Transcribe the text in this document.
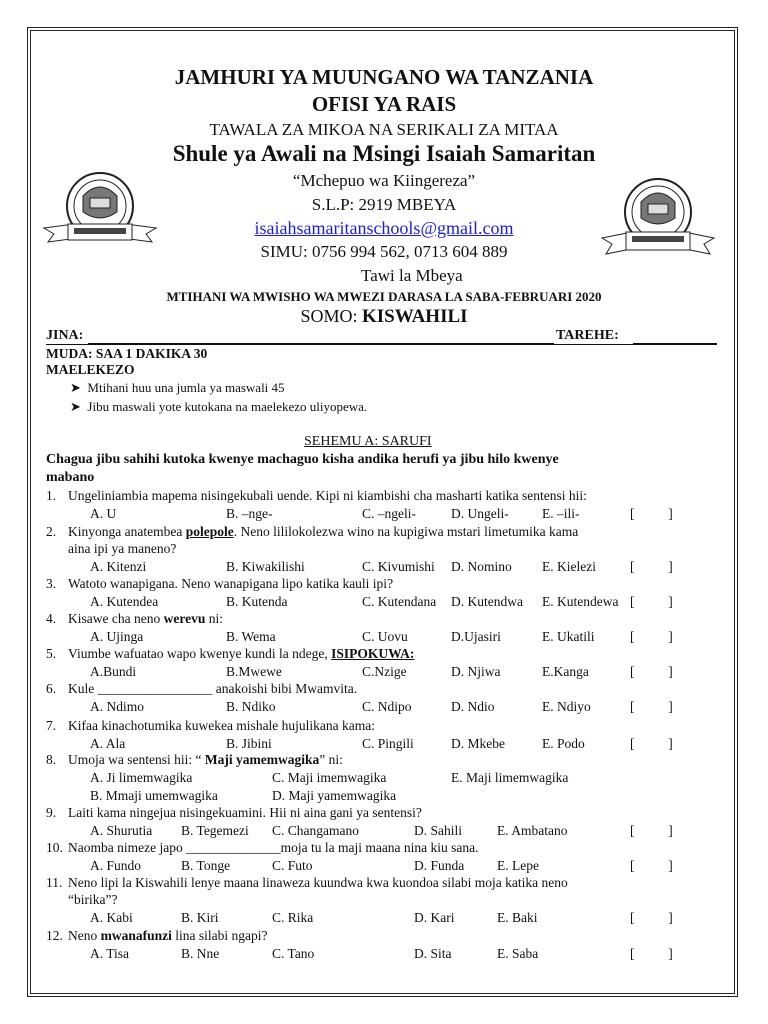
JAMHURI YA MUUNGANO WA TANZANIA
OFISI YA RAIS
TAWALA ZA MIKOA NA SERIKALI ZA MITAA
Shule ya Awali na Msingi Isaiah Samaritan
“Mchepuo wa Kiingereza”
S.L.P: 2919 MBEYA
isaiahsamaritanschools@gmail.com
SIMU: 0756 994 562, 0713 604 889
Tawi la Mbeya
MTIHANI WA MWISHO WA MWEZI DARASA LA SABA-FEBRUARI 2020
SOMO: KISWAHILI
JINA:	TAREHE:
MUDA: SAA 1 DAKIKA 30
MAELEKEZO
➤  Mtihani huu una jumla ya maswali 45
➤  Jibu maswali yote kutokana na maelekezo uliyopewa.
SEHEMU A: SARUFI
Chagua jibu sahihi kutoka kwenye machaguo kisha andika herufi ya jibu hilo kwenye
mabano
1. Ungeliniambia mapema nisingekubali uende. Kipi ni kiambishi cha masharti katika sentensi hii:
A. U	B. –nge-	C. –ngeli-	D. Ungeli- E. –ili-	[          ]
2. Kinyonga anatembea polepole. Neno lililokolezwa wino na kupigiwa mstari limetumika kama
aina ipi ya maneno?
A. Kitenzi	B. Kiwakilishi	C. Kivumishi D. Nomino E. Kielezi	[          ]
3. Watoto wanapigana. Neno wanapigana lipo katika kauli ipi?
A. Kutendea	B. Kutenda	C. Kutendana D. Kutendwa E. Kutendewa [          ]
4. Kisawe cha neno werevu ni:
A. Ujinga	B. Wema	C. Uovu	D.Ujasiri	E. Ukatili	[          ]
5. Viumbe wafuatao wapo kwenye kundi la ndege, ISIPOKUWA:
A.Bundi	B.Mwewe	C.Nzige	D. Njiwa	E.Kanga	[          ]
6. Kule _________________ anakoishi bibi Mwamvita.
A. Ndimo	B. Ndiko	C. Ndipo	D. Ndio	E. Ndiyo	[          ]
7. Kifaa kinachotumika kuwekea mishale hujulikana kama:
A. Ala	B. Jibini	C. Pingili	D. Mkebe	E. Podo	[          ]
8. Umoja wa sentensi hii: “ Maji yamemwagika” ni:
A. Ji limemwagika	C. Maji imemwagika	E. Maji limemwagika
B. Mmaji umemwagika	D. Maji yamemwagika
9. Laiti kama ningejua nisingekuamini. Hii ni aina gani ya sentensi?
A. Shurutia B. Tegemezi C. Changamano	D. Sahili	E. Ambatano	[          ]
10. Naomba nimeze japo ______________moja tu la maji maana nina kiu sana.
A. Fundo	B. Tonge	C. Futo	D. Funda E. Lepe	[          ]
11. Neno lipi la Kiswahili lenye maana linaweza kuundwa kwa kuondoa silabi moja katika neno
“birika”?
A. Kabi	B. Kiri	C. Rika	D. Kari	E. Baki	[          ]
12. Neno mwanafunzi lina silabi ngapi?
A. Tisa	B. Nne	C. Tano	D. Sita	E. Saba	[          ]
